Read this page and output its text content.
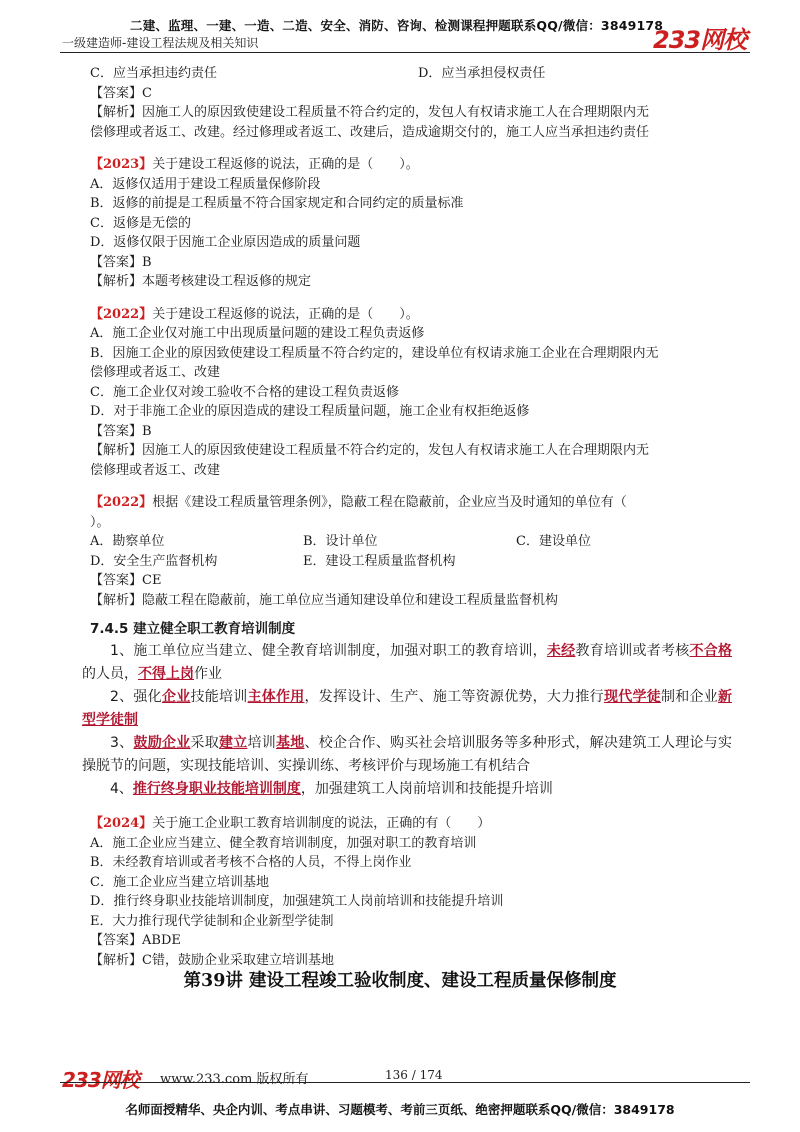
二建、监理、一建、一造、二造、安全、消防、咨询、检测课程押题联系QQ/微信：3849178
233网校
一级建造师-建设工程法规及相关知识
C．应当承担违约责任	D．应当承担侵权责任
【答案】C
【解析】因施工人的原因致使建设工程质量不符合约定的，发包人有权请求施工人在合理期限内无
偿修理或者返工、改建。经过修理或者返工、改建后，造成逾期交付的，施工人应当承担违约责任
【2023】关于建设工程返修的说法，正确的是（　　）。
A．返修仅适用于建设工程质量保修阶段
B．返修的前提是工程质量不符合国家规定和合同约定的质量标准
C．返修是无偿的
D．返修仅限于因施工企业原因造成的质量问题
【答案】B
【解析】本题考核建设工程返修的规定
【2022】关于建设工程返修的说法，正确的是（　　）。
A．施工企业仅对施工中出现质量问题的建设工程负责返修
B．因施工企业的原因致使建设工程质量不符合约定的，建设单位有权请求施工企业在合理期限内无
偿修理或者返工、改建
C．施工企业仅对竣工验收不合格的建设工程负责返修
D．对于非施工企业的原因造成的建设工程质量问题，施工企业有权拒绝返修
【答案】B
【解析】因施工人的原因致使建设工程质量不符合约定的，发包人有权请求施工人在合理期限内无
偿修理或者返工、改建
【2022】根据《建设工程质量管理条例》，隐蔽工程在隐蔽前，企业应当及时通知的单位有（
）。
A．勘察单位	B．设计单位	C．建设单位
D．安全生产监督机构	E．建设工程质量监督机构
【答案】CE
【解析】隐蔽工程在隐蔽前，施工单位应当通知建设单位和建设工程质量监督机构
7.4.5 建立健全职工教育培训制度
1、施工单位应当建立、健全教育培训制度，加强对职工的教育培训，未经教育培训或者考核不合格的人员，不得上岗作业
2、强化企业技能培训主体作用，发挥设计、生产、施工等资源优势，大力推行现代学徒制和企业新型学徒制
3、鼓励企业采取建立培训基地、校企合作、购买社会培训服务等多种形式，解决建筑工人理论与实操脱节的问题，实现技能培训、实操训练、考核评价与现场施工有机结合
4、推行终身职业技能培训制度，加强建筑工人岗前培训和技能提升培训
【2024】关于施工企业职工教育培训制度的说法，正确的有（　　）
A．施工企业应当建立、健全教育培训制度，加强对职工的教育培训
B．未经教育培训或者考核不合格的人员，不得上岗作业
C．施工企业应当建立培训基地
D．推行终身职业技能培训制度，加强建筑工人岗前培训和技能提升培训
E．大力推行现代学徒制和企业新型学徒制
【答案】ABDE
【解析】C错，鼓励企业采取建立培训基地
第39讲 建设工程竣工验收制度、建设工程质量保修制度
233网校 www.233.com 版权所有	136 / 174
名师面授精华、央企内训、考点串讲、习题模考、考前三页纸、绝密押题联系QQ/微信：3849178
